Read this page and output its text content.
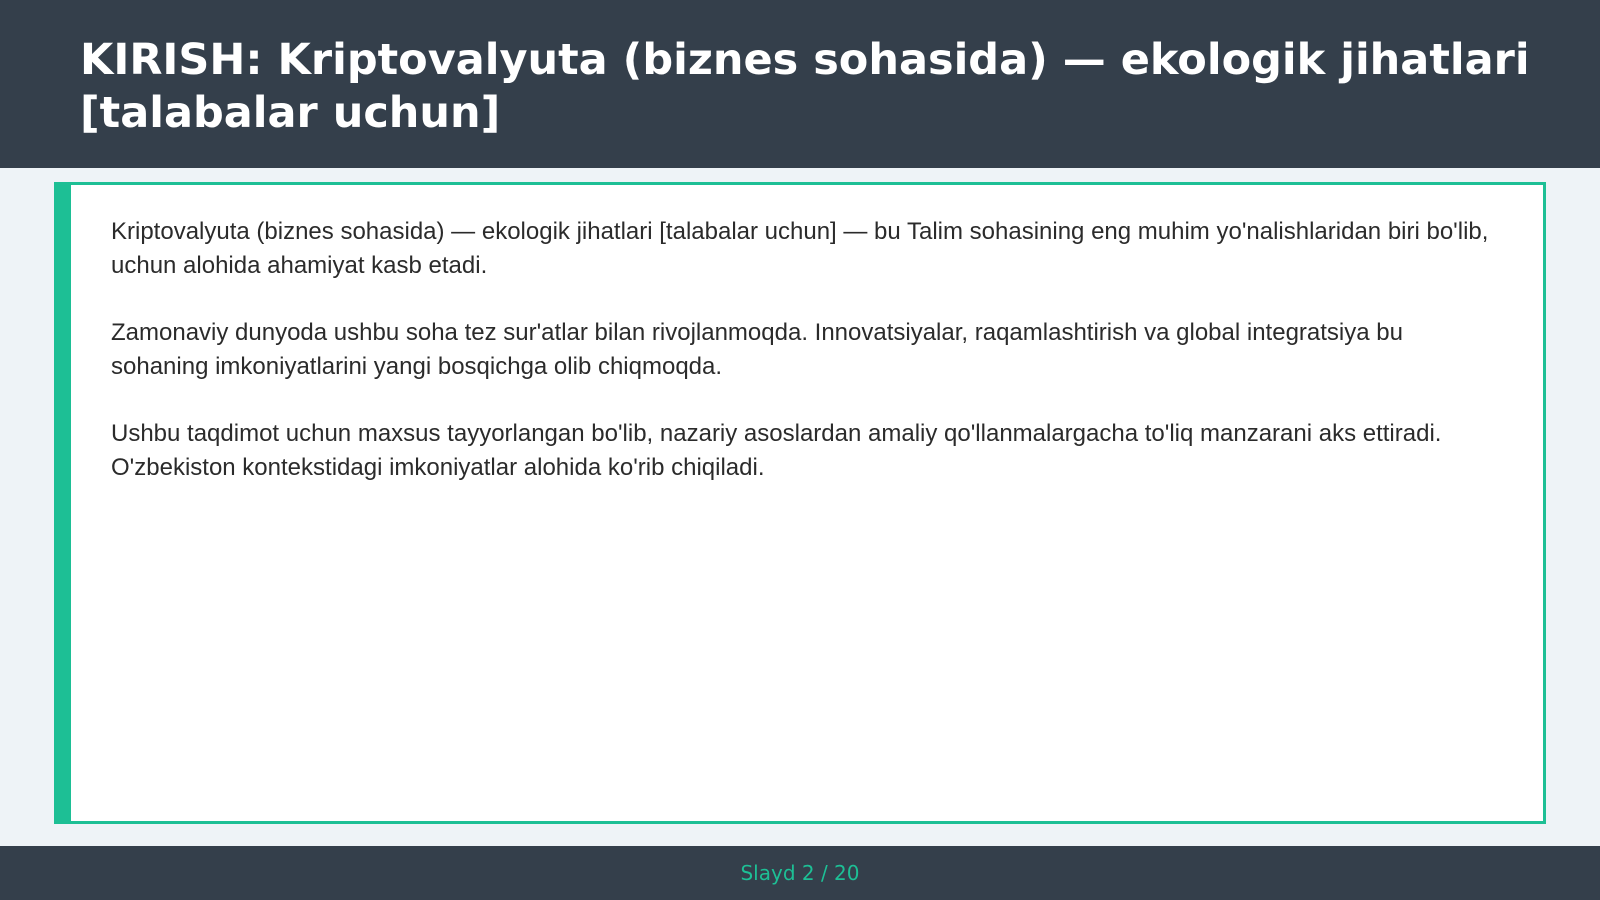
KIRISH: Kriptovalyuta (biznes sohasida) — ekologik jihatlari [talabalar uchun]

Kriptovalyuta (biznes sohasida) — ekologik jihatlari [talabalar uchun] — bu Talim sohasining eng muhim yo'nalishlaridan biri bo'lib, uchun alohida ahamiyat kasb etadi.

Zamonaviy dunyoda ushbu soha tez sur'atlar bilan rivojlanmoqda. Innovatsiyalar, raqamlashtirish va global integratsiya bu sohaning imkoniyatlarini yangi bosqichga olib chiqmoqda.

Ushbu taqdimot uchun maxsus tayyorlangan bo'lib, nazariy asoslardan amaliy qo'llanmalargacha to'liq manzarani aks ettiradi. O'zbekiston kontekstidagi imkoniyatlar alohida ko'rib chiqiladi.

Slayd 2 / 20
